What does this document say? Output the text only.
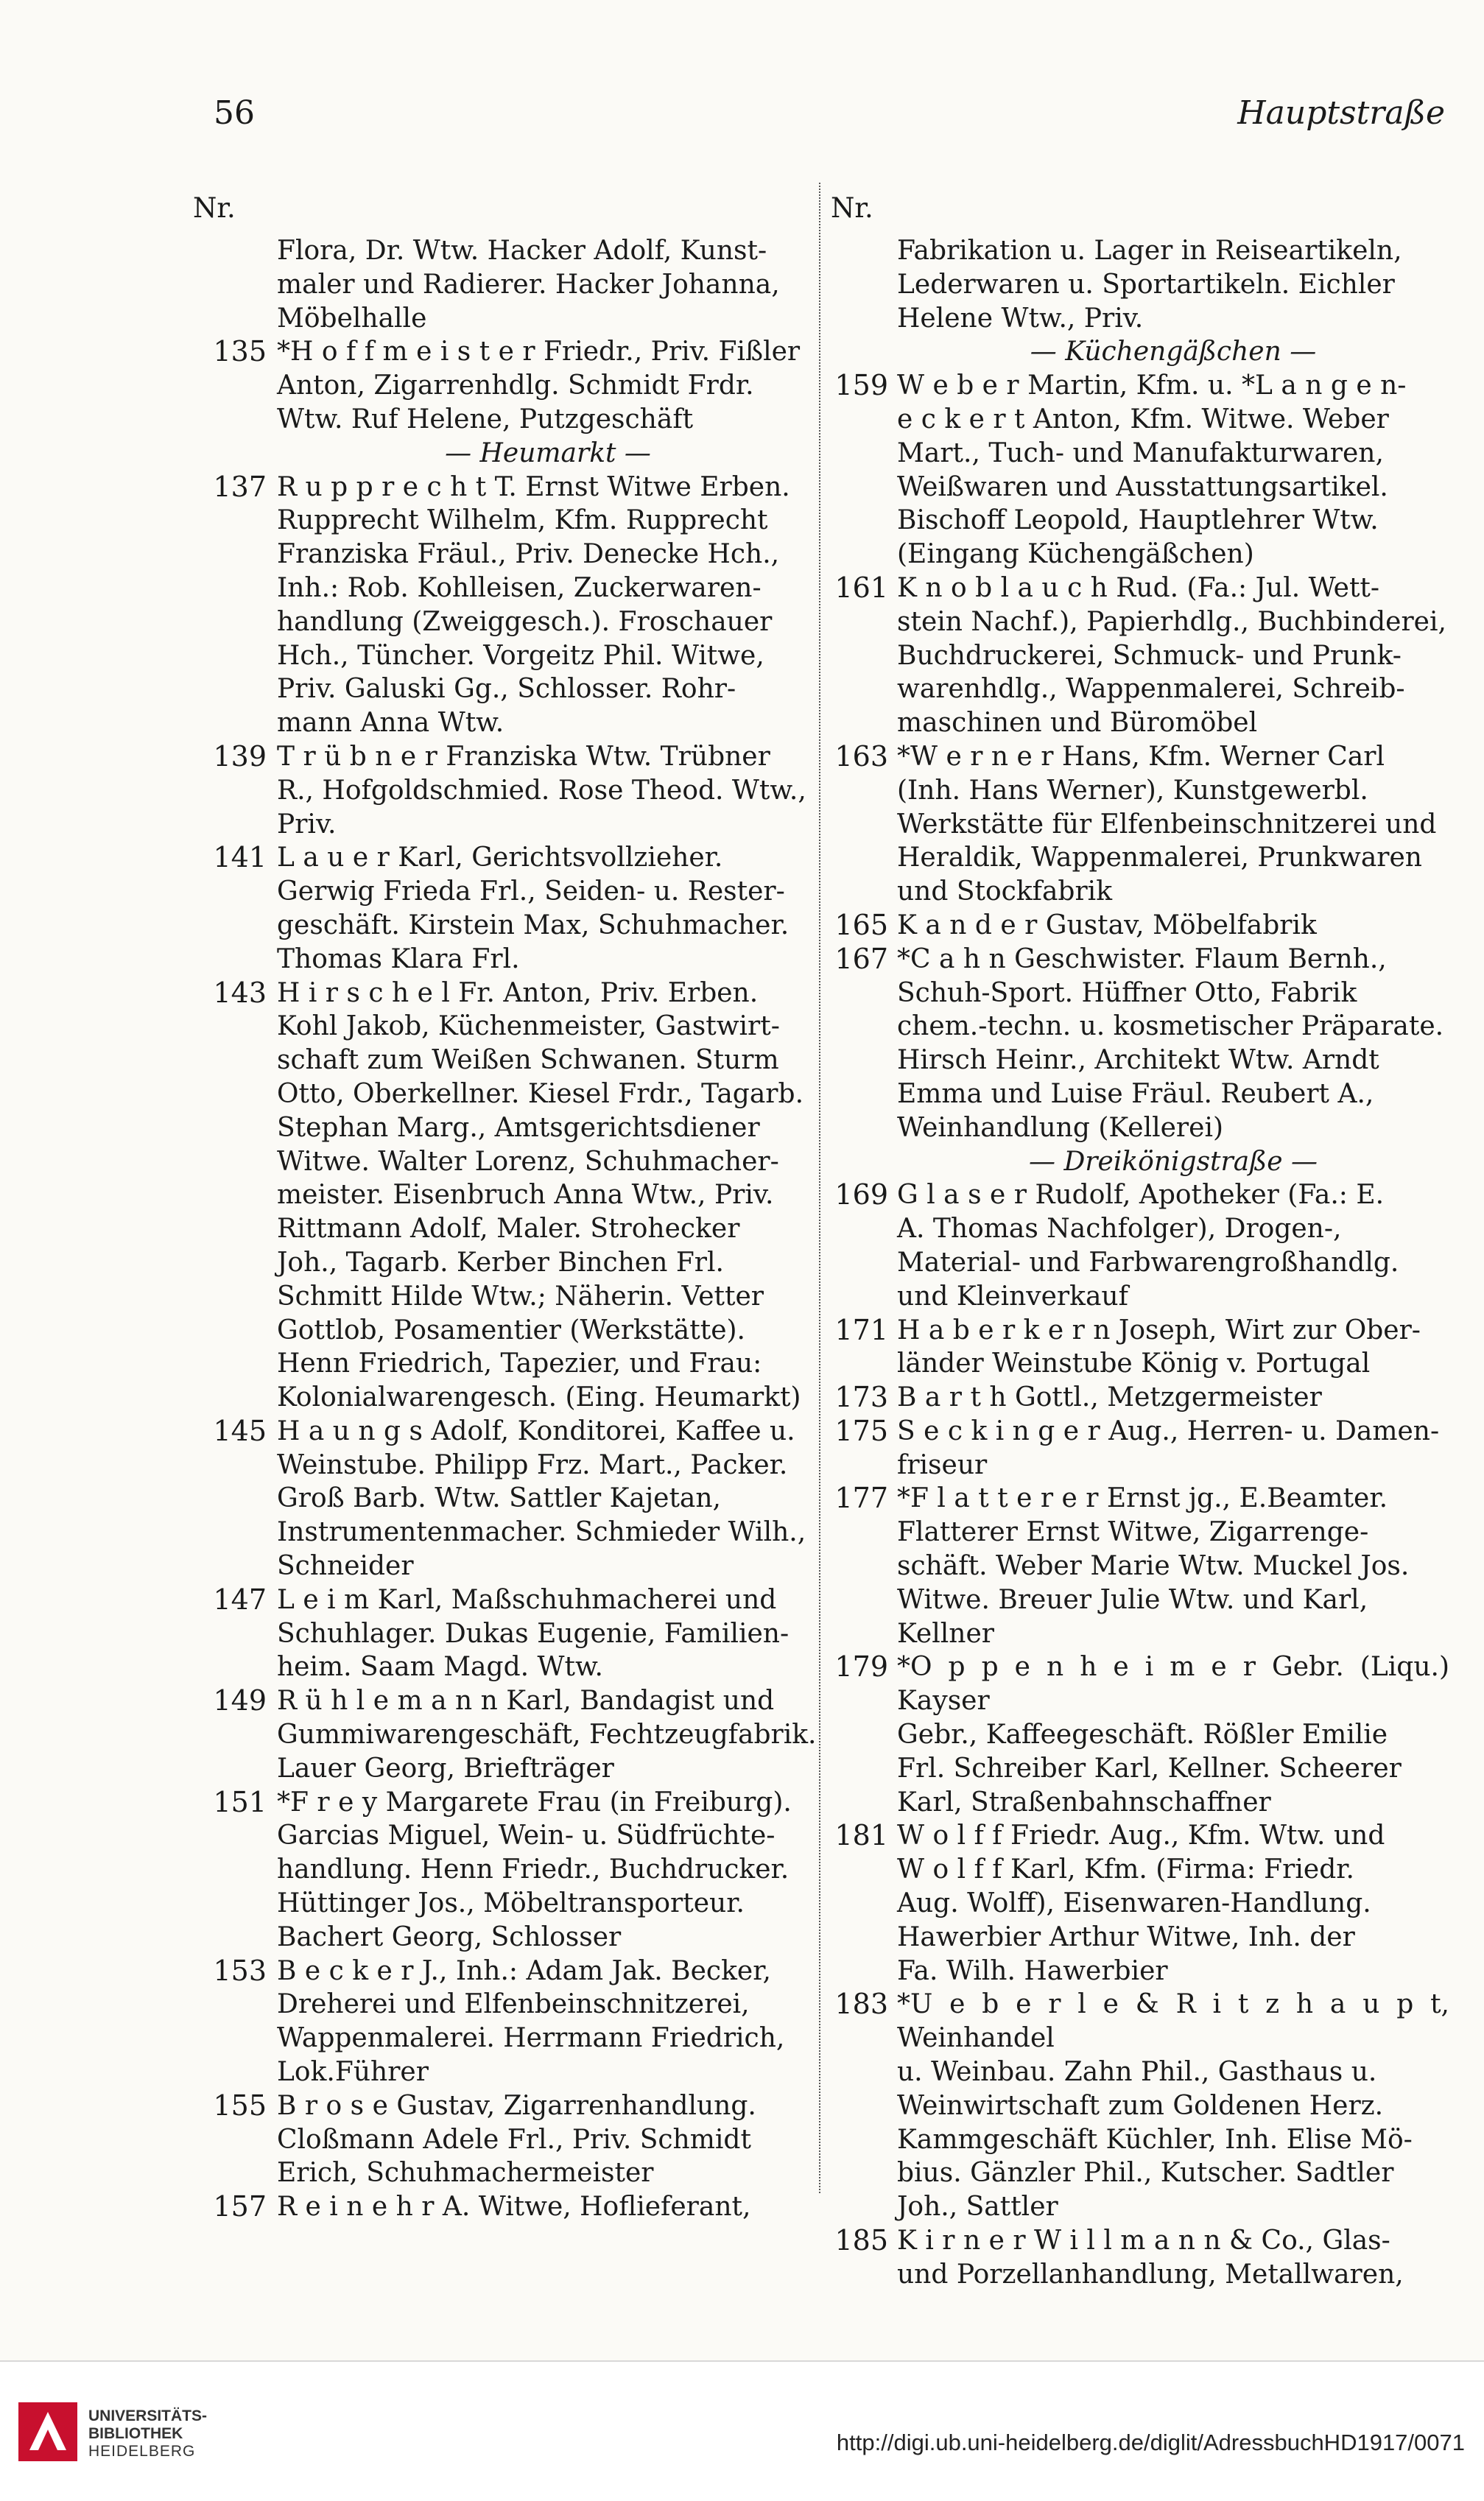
56	Hauptstraße
Nr.
Flora, Dr. Wtw. Hacker Adolf, Kunst-
maler und Radierer. Hacker Johanna,
Möbelhalle
135 *H o f f m e i s t e r Friedr., Priv. Fißler
Anton, Zigarrenhdlg. Schmidt Frdr.
Wtw. Ruf Helene, Putzgeschäft
— Heumarkt —
137 R u p p r e c h t T. Ernst Witwe Erben.
Rupprecht Wilhelm, Kfm. Rupprecht
Franziska Fräul., Priv. Denecke Hch.,
Inh.: Rob. Kohlleisen, Zuckerwaren-
handlung (Zweiggesch.). Froschauer
Hch., Tüncher. Vorgeitz Phil. Witwe,
Priv. Galuski Gg., Schlosser. Rohr-
mann Anna Wtw.
139 T r ü b n e r Franziska Wtw. Trübner
R., Hofgoldschmied. Rose Theod. Wtw.,
Priv.
141 L a u e r Karl, Gerichtsvollzieher.
Gerwig Frieda Frl., Seiden- u. Rester-
geschäft. Kirstein Max, Schuhmacher.
Thomas Klara Frl.
143 H i r s c h e l Fr. Anton, Priv. Erben.
Kohl Jakob, Küchenmeister, Gastwirt-
schaft zum Weißen Schwanen. Sturm
Otto, Oberkellner. Kiesel Frdr., Tagarb.
Stephan Marg., Amtsgerichtsdiener
Witwe. Walter Lorenz, Schuhmacher-
meister. Eisenbruch Anna Wtw., Priv.
Rittmann Adolf, Maler. Strohecker
Joh., Tagarb. Kerber Binchen Frl.
Schmitt Hilde Wtw.; Näherin. Vetter
Gottlob, Posamentier (Werkstätte).
Henn Friedrich, Tapezier, und Frau:
Kolonialwarengesch. (Eing. Heumarkt)
145 H a u n g s Adolf, Konditorei, Kaffee u.
Weinstube. Philipp Frz. Mart., Packer.
Groß Barb. Wtw. Sattler Kajetan,
Instrumentenmacher. Schmieder Wilh.,
Schneider
147 L e i m Karl, Maßschuhmacherei und
Schuhlager. Dukas Eugenie, Familien-
heim. Saam Magd. Wtw.
149 R ü h l e m a n n Karl, Bandagist und
Gummiwarengeschäft, Fechtzeugfabrik.
Lauer Georg, Briefträger
151 *F r e y Margarete Frau (in Freiburg).
Garcias Miguel, Wein- u. Südfrüchte-
handlung. Henn Friedr., Buchdrucker.
Hüttinger Jos., Möbeltransporteur.
Bachert Georg, Schlosser
153 B e c k e r J., Inh.: Adam Jak. Becker,
Dreherei und Elfenbeinschnitzerei,
Wappenmalerei. Herrmann Friedrich,
Lok.Führer
155 B r o s e Gustav, Zigarrenhandlung.
Cloßmann Adele Frl., Priv. Schmidt
Erich, Schuhmachermeister
157 R e i n e h r A. Witwe, Hoflieferant,
Nr.
Fabrikation u. Lager in Reiseartikeln,
Lederwaren u. Sportartikeln. Eichler
Helene Wtw., Priv.
— Küchengäßchen —
159 W e b e r Martin, Kfm. u. *L a n g e n-
e c k e r t Anton, Kfm. Witwe. Weber
Mart., Tuch- und Manufakturwaren,
Weißwaren und Ausstattungsartikel.
Bischoff Leopold, Hauptlehrer Wtw.
(Eingang Küchengäßchen)
161 K n o b l a u c h Rud. (Fa.: Jul. Wett-
stein Nachf.), Papierhdlg., Buchbinderei,
Buchdruckerei, Schmuck- und Prunk-
warenhdlg., Wappenmalerei, Schreib-
maschinen und Büromöbel
163 *W e r n e r Hans, Kfm. Werner Carl
(Inh. Hans Werner), Kunstgewerbl.
Werkstätte für Elfenbeinschnitzerei und
Heraldik, Wappenmalerei, Prunkwaren
und Stockfabrik
165 K a n d e r Gustav, Möbelfabrik
167 *C a h n Geschwister. Flaum Bernh.,
Schuh-Sport. Hüffner Otto, Fabrik
chem.-techn. u. kosmetischer Präparate.
Hirsch Heinr., Architekt Wtw. Arndt
Emma und Luise Fräul. Reubert A.,
Weinhandlung (Kellerei)
— Dreikönigstraße —
169 G l a s e r Rudolf, Apotheker (Fa.: E.
A. Thomas Nachfolger), Drogen-,
Material- und Farbwarengroßhandlg.
und Kleinverkauf
171 H a b e r k e r n Joseph, Wirt zur Ober-
länder Weinstube König v. Portugal
173 B a r t h Gottl., Metzgermeister
175 S e c k i n g e r Aug., Herren- u. Damen-
friseur
177 *F l a t t e r e r Ernst jg., E.Beamter.
Flatterer Ernst Witwe, Zigarrenge-
schäft. Weber Marie Wtw. Muckel Jos.
Witwe. Breuer Julie Wtw. und Karl,
Kellner
179 *O p p e n h e i m e r Gebr. (Liqu.) Kayser
Gebr., Kaffeegeschäft. Rößler Emilie
Frl. Schreiber Karl, Kellner. Scheerer
Karl, Straßenbahnschaffner
181 W o l f f Friedr. Aug., Kfm. Wtw. und
W o l f f Karl, Kfm. (Firma: Friedr.
Aug. Wolff), Eisenwaren-Handlung.
Hawerbier Arthur Witwe, Inh. der
Fa. Wilh. Hawerbier
183 *U e b e r l e & R i t z h a u p t, Weinhandel
u. Weinbau. Zahn Phil., Gasthaus u.
Weinwirtschaft zum Goldenen Herz.
Kammgeschäft Küchler, Inh. Elise Mö-
bius. Gänzler Phil., Kutscher. Sadtler
Joh., Sattler
185 K i r n e r W i l l m a n n & Co., Glas-
und Porzellanhandlung, Metallwaren,
UNIVERSITÄTS-
BIBLIOTHEK
HEIDELBERG	http://digi.ub.uni-heidelberg.de/diglit/AdressbuchHD1917/0071
